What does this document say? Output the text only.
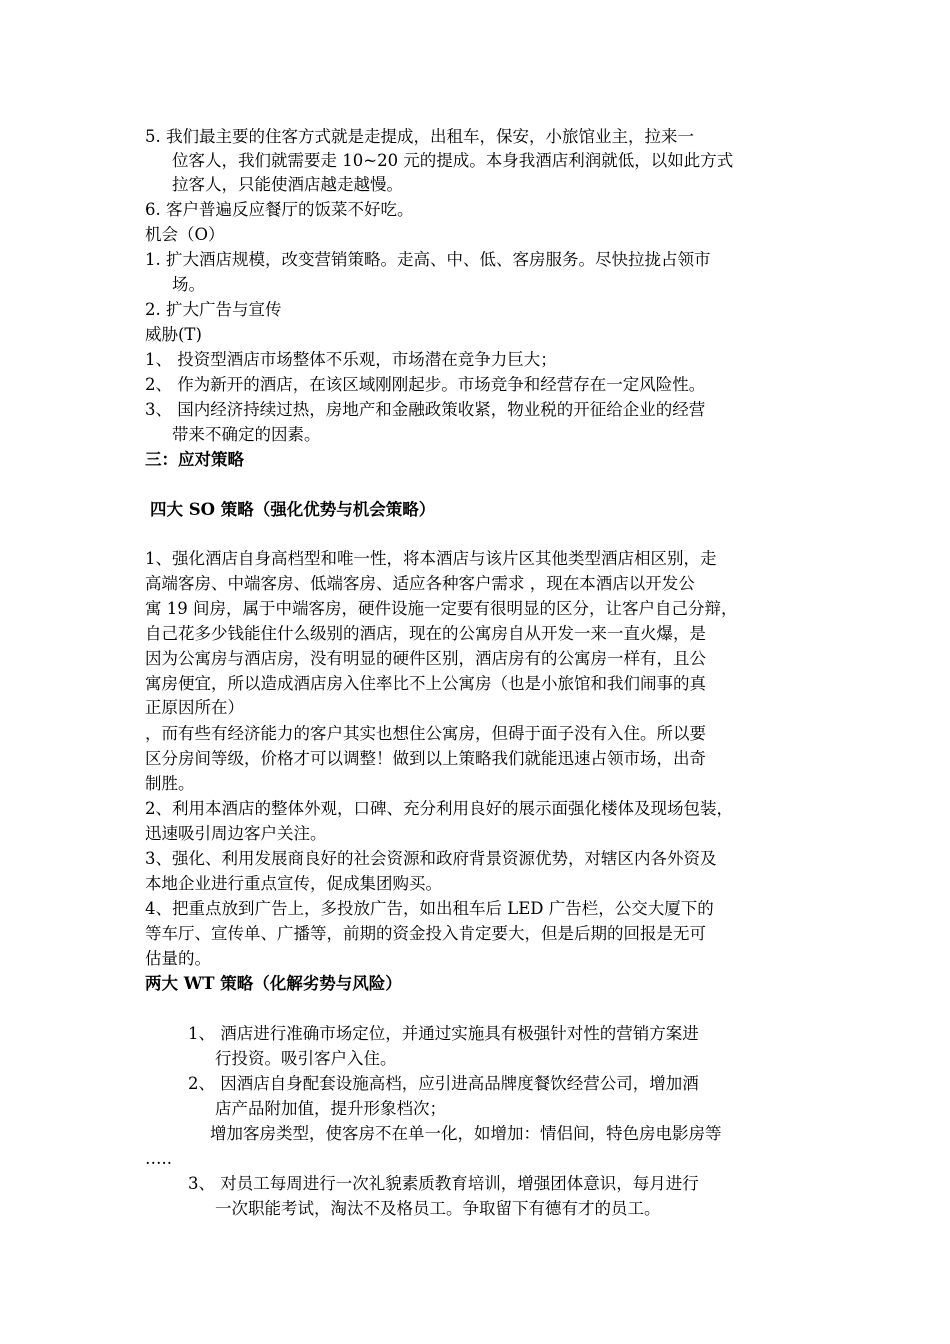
5. 我们最主要的住客方式就是走提成，出租车，保安，小旅馆业主，拉来一
位客人，我们就需要走 10~20 元的提成。本身我酒店利润就低，以如此方式
拉客人，只能使酒店越走越慢。
6. 客户普遍反应餐厅的饭菜不好吃。
机会（O）
1. 扩大酒店规模，改变营销策略。走高、中、低、客房服务。尽快拉拢占领市
场。
2. 扩大广告与宣传
威胁(T)
1、 投资型酒店市场整体不乐观，市场潜在竞争力巨大；
2、 作为新开的酒店，在该区域刚刚起步。市场竞争和经营存在一定风险性。
3、 国内经济持续过热，房地产和金融政策收紧，物业税的开征给企业的经营
带来不确定的因素。
三：应对策略
四大 SO 策略（强化优势与机会策略）
1、强化酒店自身高档型和唯一性，将本酒店与该片区其他类型酒店相区别，走
高端客房、中端客房、低端客房、适应各种客户需求 ，现在本酒店以开发公
寓 19 间房，属于中端客房，硬件设施一定要有很明显的区分，让客户自己分辩，
自己花多少钱能住什么级别的酒店，现在的公寓房自从开发一来一直火爆，是
因为公寓房与酒店房，没有明显的硬件区别，酒店房有的公寓房一样有，且公
寓房便宜，所以造成酒店房入住率比不上公寓房（也是小旅馆和我们闹事的真
正原因所在）
，而有些有经济能力的客户其实也想住公寓房，但碍于面子没有入住。所以要
区分房间等级，价格才可以调整！做到以上策略我们就能迅速占领市场，出奇
制胜。
2、利用本酒店的整体外观，口碑、充分利用良好的展示面强化楼体及现场包装，
迅速吸引周边客户关注。
3、强化、利用发展商良好的社会资源和政府背景资源优势，对辖区内各外资及
本地企业进行重点宣传，促成集团购买。
4、把重点放到广告上，多投放广告，如出租车后 LED 广告栏，公交大厦下的
等车厅、宣传单、广播等，前期的资金投入肯定要大，但是后期的回报是无可
估量的。
两大 WT 策略（化解劣势与风险）
1、 酒店进行准确市场定位，并通过实施具有极强针对性的营销方案进
行投资。吸引客户入住。
2、 因酒店自身配套设施高档，应引进高品牌度餐饮经营公司，增加酒
店产品附加值，提升形象档次；
增加客房类型，使客房不在单一化，如增加：情侣间，特色房电影房等
…..
3、 对员工每周进行一次礼貌素质教育培训，增强团体意识，每月进行
一次职能考试，淘汰不及格员工。争取留下有德有才的员工。
